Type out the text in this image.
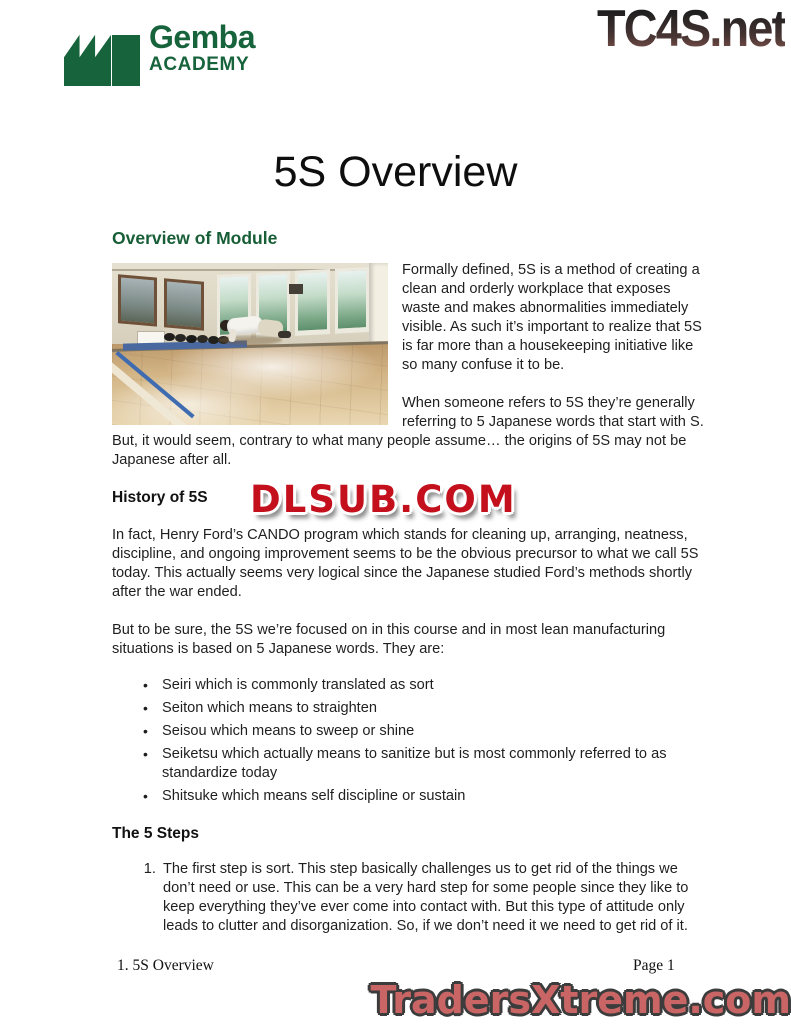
Gemba
ACADEMY
TC4S.net
DLSUB.COM
TradersXtreme.com
5S Overview
Overview of Module

Formally defined, 5S is a method of creating a clean and orderly workplace that exposes waste and makes abnormalities immediately visible. As such it’s important to realize that 5S is far more than a housekeeping initiative like so many confuse it to be.

When someone refers to 5S they’re generally referring to 5 Japanese words that start with S. But, it would seem, contrary to what many people assume… the origins of 5S may not be Japanese after all.

History of 5S

In fact, Henry Ford’s CANDO program which stands for cleaning up, arranging, neatness, discipline, and ongoing improvement seems to be the obvious precursor to what we call 5S today. This actually seems very logical since the Japanese studied Ford’s methods shortly after the war ended.

But to be sure, the 5S we’re focused on in this course and in most lean manufacturing situations is based on 5 Japanese words. They are:

• Seiri which is commonly translated as sort
• Seiton which means to straighten
• Seisou which means to sweep or shine
• Seiketsu which actually means to sanitize but is most commonly referred to as standardize today
• Shitsuke which means self discipline or sustain
The 5 Steps
1. The first step is sort. This step basically challenges us to get rid of the things we don’t need or use. This can be a very hard step for some people since they like to keep everything they’ve ever come into contact with. But this type of attitude only leads to clutter and disorganization. So, if we don’t need it we need to get rid of it.
1. 5S Overview	Page 1
